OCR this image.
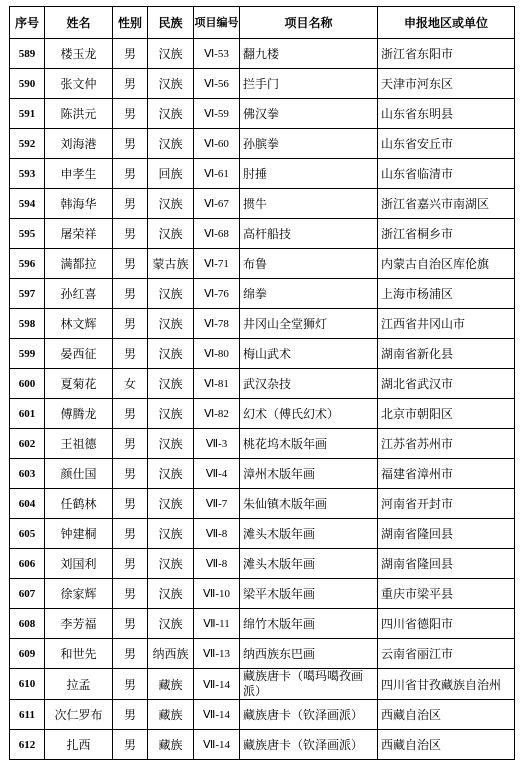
序号	姓名	性别	民族	项目编号	项目名称	申报地区或单位
589	楼玉龙	男	汉族	Ⅵ-53	翻九楼	浙江省东阳市
590	张文仲	男	汉族	Ⅵ-56	拦手门	天津市河东区
591	陈洪元	男	汉族	Ⅵ-59	佛汉拳	山东省东明县
592	刘海港	男	汉族	Ⅵ-60	孙膑拳	山东省安丘市
593	申孝生	男	回族	Ⅵ-61	肘捶	山东省临清市
594	韩海华	男	汉族	Ⅵ-67	掼牛	浙江省嘉兴市南湖区
595	屠荣祥	男	汉族	Ⅵ-68	高杆船技	浙江省桐乡市
596	满都拉	男	蒙古族	Ⅵ-71	布鲁	内蒙古自治区库伦旗
597	孙红喜	男	汉族	Ⅵ-76	绵拳	上海市杨浦区
598	林文辉	男	汉族	Ⅵ-78	井冈山全堂狮灯	江西省井冈山市
599	晏西征	男	汉族	Ⅵ-80	梅山武术	湖南省新化县
600	夏菊花	女	汉族	Ⅵ-81	武汉杂技	湖北省武汉市
601	傅腾龙	男	汉族	Ⅵ-82	幻术（傅氏幻术）	北京市朝阳区
602	王祖德	男	汉族	Ⅶ-3	桃花坞木版年画	江苏省苏州市
603	颜仕国	男	汉族	Ⅶ-4	漳州木版年画	福建省漳州市
604	任鹤林	男	汉族	Ⅶ-7	朱仙镇木版年画	河南省开封市
605	钟建桐	男	汉族	Ⅶ-8	滩头木版年画	湖南省隆回县
606	刘国利	男	汉族	Ⅶ-8	滩头木版年画	湖南省隆回县
607	徐家辉	男	汉族	Ⅶ-10	梁平木版年画	重庆市梁平县
608	李芳福	男	汉族	Ⅶ-11	绵竹木版年画	四川省德阳市
609	和世先	男	纳西族	Ⅶ-13	纳西族东巴画	云南省丽江市
610	拉孟	男	藏族	Ⅶ-14	藏族唐卡（噶玛噶孜画派）	四川省甘孜藏族自治州
611	次仁罗布	男	藏族	Ⅶ-14	藏族唐卡（钦泽画派）	西藏自治区
612	扎西	男	藏族	Ⅶ-14	藏族唐卡（钦泽画派）	西藏自治区
